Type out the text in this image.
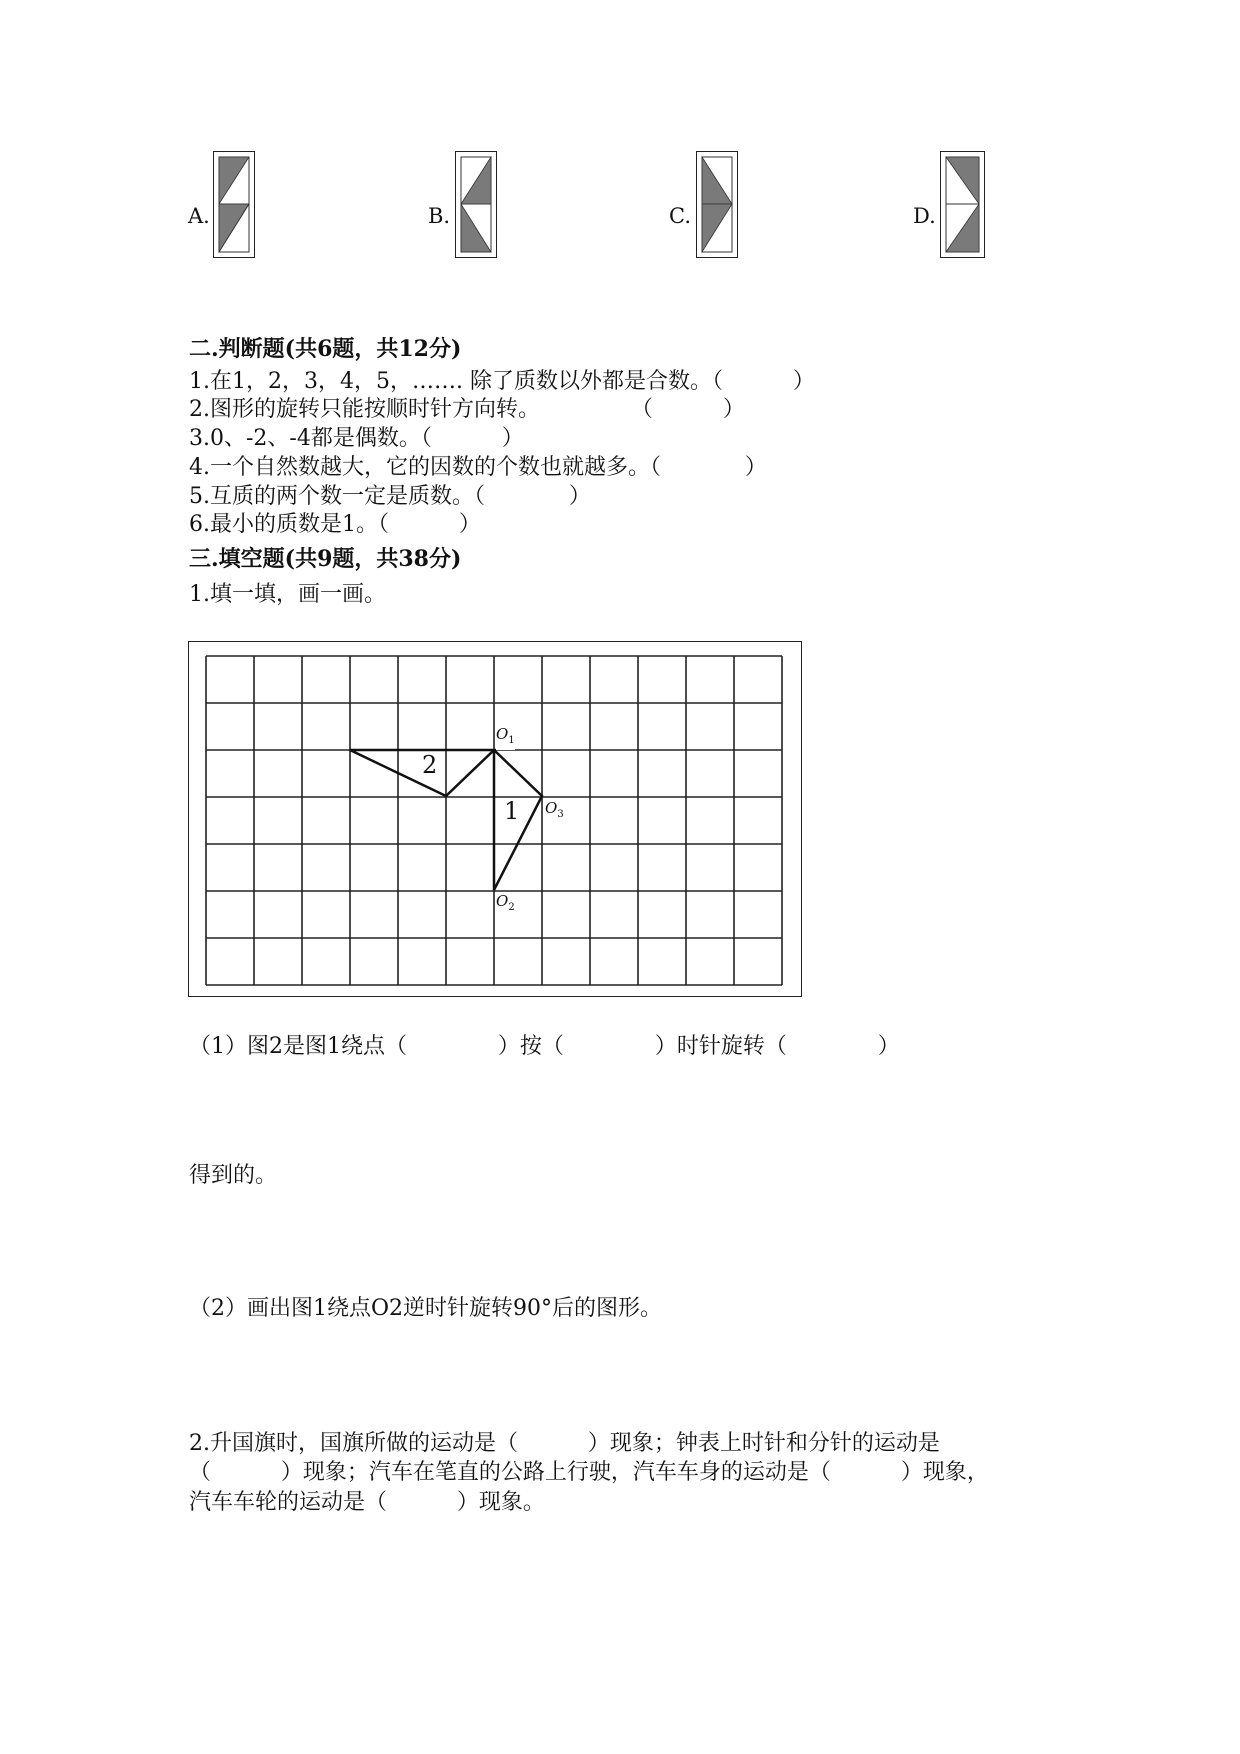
A.	B.	C.	D.
二.判断题(共6题，共12分)
1.在1，2，3，4，5，……. 除了质数以外都是合数。（          ）
2.图形的旋转只能按顺时针方向转。             （          ）
3.0、-2、-4都是偶数。（          ）
4.一个自然数越大，它的因数的个数也就越多。（            ）
5.互质的两个数一定是质数。（            ）
6.最小的质数是1。（          ）
三.填空题(共9题，共38分)
1.填一填，画一画。
2
1
$O_1$
$O_2$
$O_3$
（1）图2是图1绕点（             ）按（             ）时针旋转（             ）
得到的。
（2）画出图1绕点O2逆时针旋转90°后的图形。
2.升国旗时，国旗所做的运动是（          ）现象；钟表上时针和分针的运动是
（          ）现象；汽车在笔直的公路上行驶，汽车车身的运动是（          ）现象，
汽车车轮的运动是（          ）现象。
